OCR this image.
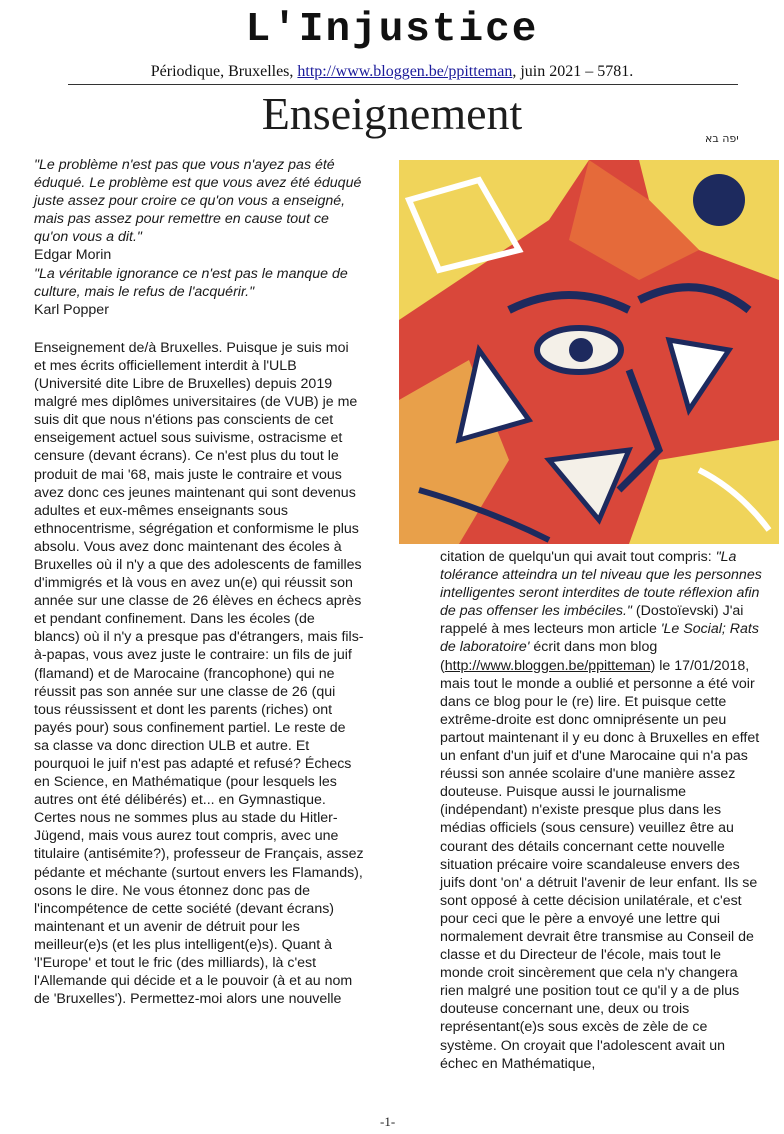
L'Injustice
Périodique, Bruxelles, http://www.bloggen.be/ppitteman, juin 2021 – 5781.
Enseignement	יפה בא

"Le problème n'est pas que vous n'ayez pas été éduqué. Le problème est que vous avez été éduqué juste assez pour croire ce qu'on vous a enseigné, mais pas assez pour remettre en cause tout ce qu'on vous a dit."

Edgar Morin

"La véritable ignorance ce n'est pas le manque de culture, mais le refus de l'acquérir."

Karl Popper

Enseignement de/à Bruxelles. Puisque je suis moi et mes écrits officiellement interdit à l'ULB (Université dite Libre de Bruxelles) depuis 2019 malgré mes diplômes universitaires (de VUB) je me suis dit que nous n'étions pas conscients de cet enseigement actuel sous suivisme, ostracisme et censure (devant écrans). Ce n'est plus du tout le produit de mai '68, mais juste le contraire et vous avez donc ces jeunes maintenant qui sont devenus adultes et eux-mêmes enseignants sous ethnocentrisme, ségrégation et conformisme le plus absolu. Vous avez donc maintenant des écoles à Bruxelles où il n'y a que des adolescents de familles d'immigrés et là vous en avez un(e) qui réussit son année sur une classe de 26 élèves en échecs après et pendant confinement. Dans les écoles (de blancs) où il n'y a presque pas d'étrangers, mais fils-à-papas, vous avez juste le contraire: un fils de juif (flamand) et de Marocaine (francophone) qui ne réussit pas son année sur une classe de 26 (qui tous réussissent et dont les parents (riches) ont payés pour) sous confinement partiel. Le reste de sa classe va donc direction ULB et autre. Et pourquoi le juif n'est pas adapté et refusé? Échecs en Science, en Mathématique (pour lesquels les autres ont été délibérés) et... en Gymnastique. Certes nous ne sommes plus au stade du Hitler-Jügend, mais vous aurez tout compris, avec une titulaire (antisémite?), professeur de Français, assez pédante et méchante (surtout envers les Flamands), osons le dire. Ne vous étonnez donc pas de l'incompétence de cette société (devant écrans) maintenant et un avenir de détruit pour les meilleur(e)s (et les plus intelligent(e)s). Quant à 'l'Europe' et tout le fric (des milliards), là c'est l'Allemande qui décide et a le pouvoir (à et au nom de 'Bruxelles'). Permettez-moi alors une nouvelle

citation de quelqu'un qui avait tout compris: "La tolérance atteindra un tel niveau que les personnes intelligentes seront interdites de toute réflexion afin de pas offenser les imbéciles." (Dostoïevski) J'ai rappelé à mes lecteurs mon article 'Le Social; Rats de laboratoire' écrit dans mon blog (http://www.bloggen.be/ppitteman) le 17/01/2018, mais tout le monde a oublié et personne a été voir dans ce blog pour le (re) lire. Et puisque cette extrême-droite est donc omniprésente un peu partout maintenant il y eu donc à Bruxelles en effet un enfant d'un juif et d'une Marocaine qui n'a pas réussi son année scolaire d'une manière assez douteuse. Puisque aussi le journalisme (indépendant) n'existe presque plus dans les médias officiels (sous censure) veuillez être au courant des détails concernant cette nouvelle situation précaire voire scandaleuse envers des juifs dont 'on' a détruit l'avenir de leur enfant. Ils se sont opposé à cette décision unilatérale, et c'est pour ceci que le père a envoyé une lettre qui normalement devrait être transmise au Conseil de classe et du Directeur de l'école, mais tout le monde croit sincèrement que cela n'y changera rien malgré une position tout ce qu'il y a de plus douteuse concernant une, deux ou trois représentant(e)s sous excès de zèle de ce système. On croyait que l'adolescent avait un échec en Mathématique,

-1-
